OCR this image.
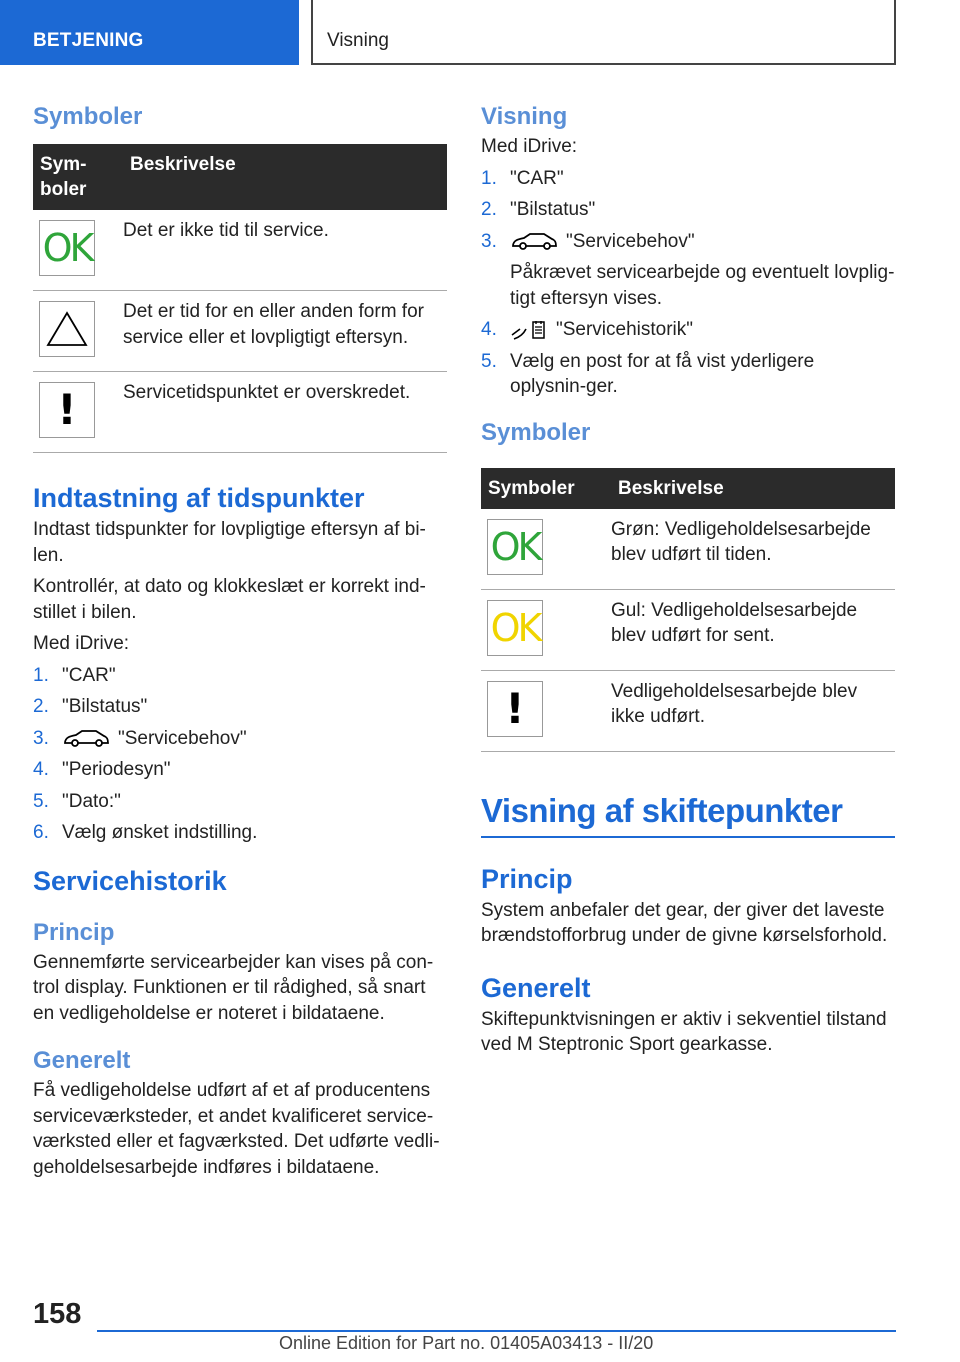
BETJENING	Visning
Symboler
Sym-
boler	Beskrivelse

OK	Det er ikke tid til service.

	Det er tid for en eller anden form for service eller et lovpligtigt eftersyn.

!	Servicetidspunktet er overskredet.
Indtastning af tidspunkter

Indtast tidspunkter for lovpligtige eftersyn af bi-len.

Kontrollér, at dato og klokkeslæt er korrekt ind-stillet i bilen.

Med iDrive:

1. "CAR"
2. "Bilstatus"
3.	"Servicebehov"
4. "Periodesyn"
5. "Dato:"
6. Vælg ønsket indstilling.
Servicehistorik
Princip

Gennemførte servicearbejder kan vises på con-trol display. Funktionen er til rådighed, så snart en vedligeholdelse er noteret i bildataene.

Generelt

Få vedligeholdelse udført af et af producentens serviceværksteder, et andet kvalificeret service-værksted eller et fagværksted. Det udførte vedli-geholdelsesarbejde indføres i bildataene.

Visning

Med iDrive:

1. "CAR"
2. "Bilstatus"
3.	"Servicebehov"
Påkrævet servicearbejde og eventuelt lovplig-tigt eftersyn vises.
4.	"Servicehistorik"
5. Vælg en post for at få vist yderligere oplysnin-ger.
Symboler
Symboler	Beskrivelse

OK	Grøn: Vedligeholdelsesarbejde blev udført til tiden.

OK	Gul: Vedligeholdelsesarbejde blev udført for sent.

!	Vedligeholdelsesarbejde blev ikke udført.
Visning af skiftepunkter
Princip

System anbefaler det gear, der giver det laveste brændstofforbrug under de givne kørselsforhold.

Generelt

Skiftepunktvisningen er aktiv i sekventiel tilstand ved M Steptronic Sport gearkasse.

158
Online Edition for Part no. 01405A03413 - II/20
